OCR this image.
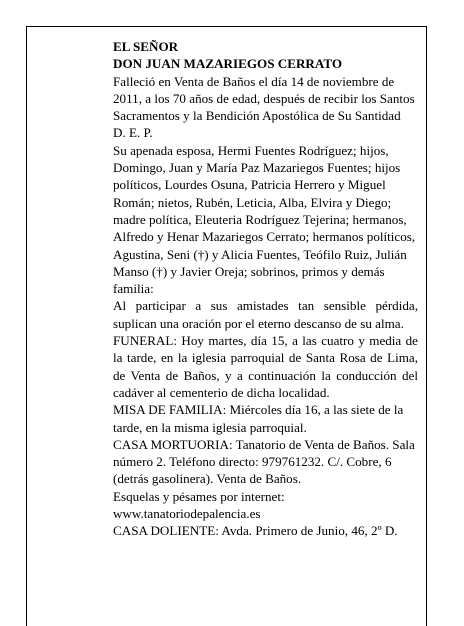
EL SEÑOR

DON JUAN MAZARIEGOS CERRATO

Falleció en Venta de Baños el día 14 de noviembre de 2011, a los 70 años de edad, después de recibir los Santos Sacramentos y la Bendición Apostólica de Su Santidad

D. E. P.

Su apenada esposa, Hermi Fuentes Rodríguez; hijos, Domingo, Juan y María Paz Mazariegos Fuentes; hijos políticos, Lourdes Osuna, Patricia Herrero y Miguel Román; nietos, Rubén, Leticia, Alba, Elvira y Diego; madre política, Eleuteria Rodríguez Tejerina; hermanos, Alfredo y Henar Mazariegos Cerrato; hermanos políticos, Agustina, Seni (†) y Alicia Fuentes, Teófilo Ruiz, Julián Manso (†) y Javier Oreja; sobrinos, primos y demás familia:

Al participar a sus amistades tan sensible pérdida, suplican una oración por el eterno descanso de su alma.

FUNERAL: Hoy martes, día 15, a las cuatro y media de la tarde, en la iglesia parroquial de Santa Rosa de Lima, de Venta de Baños, y a continuación la conducción del cadáver al cementerio de dicha localidad.

MISA DE FAMILIA: Miércoles día 16, a las siete de la tarde, en la misma iglesia parroquial.

CASA MORTUORIA: Tanatorio de Venta de Baños. Sala número 2. Teléfono directo: 979761232. C/. Cobre, 6 (detrás gasolinera). Venta de Baños.

Esquelas y pésames por internet: www.tanatoriodepalencia.es

CASA DOLIENTE: Avda. Primero de Junio, 46, 2º D.
